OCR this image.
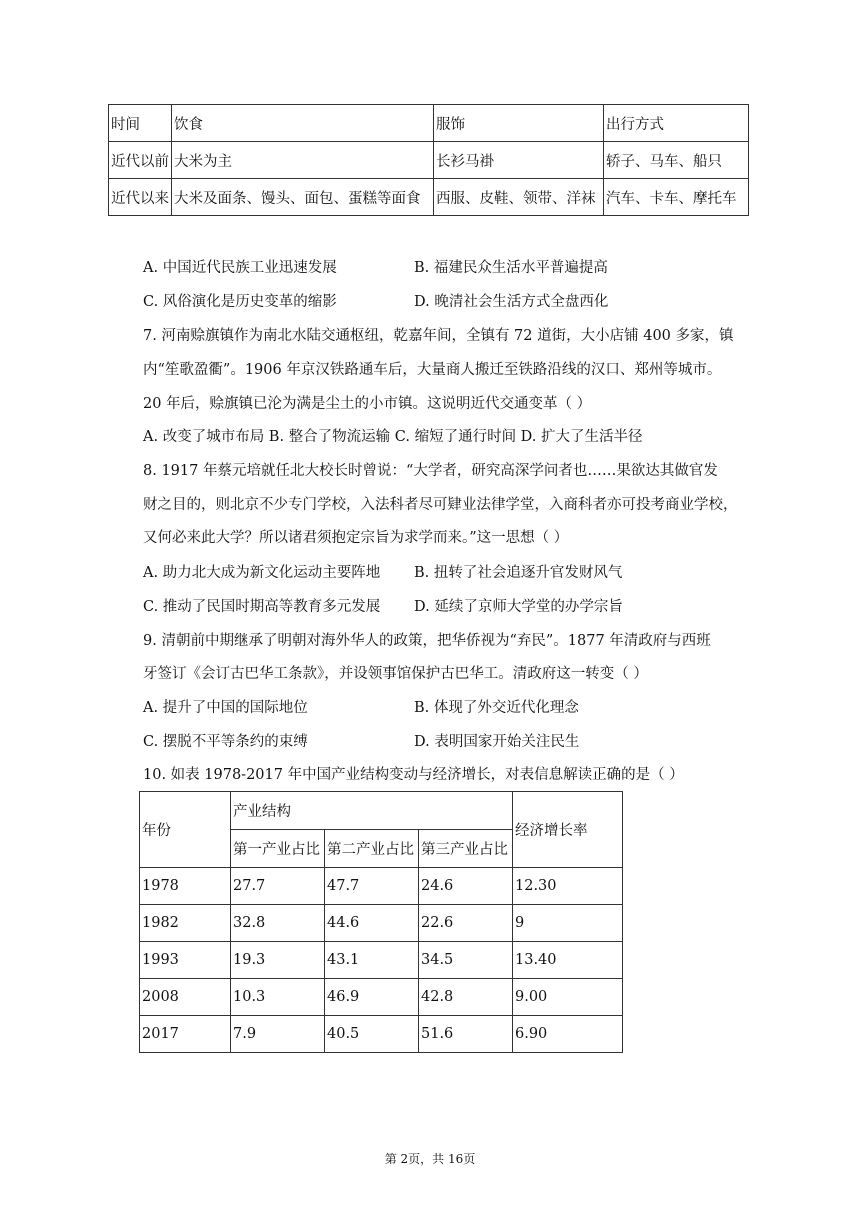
时间	饮食	服饰	出行方式
近代以前	大米为主	长衫马褂	轿子、马车、船只
近代以来	大米及面条、馒头、面包、蛋糕等面食	西服、皮鞋、领带、洋袜	汽车、卡车、摩托车
A. 中国近代民族工业迅速发展	B. 福建民众生活水平普遍提高
C. 风俗演化是历史变革的缩影	D. 晚清社会生活方式全盘西化
7. 河南赊旗镇作为南北水陆交通枢纽，乾嘉年间，全镇有 72 道街，大小店铺 400 多家，镇
内“笙歌盈衢”。1906 年京汉铁路通车后，大量商人搬迁至铁路沿线的汉口、郑州等城市。
20 年后，赊旗镇已沦为满是尘土的小市镇。这说明近代交通变革（ ）
A. 改变了城市布局 B. 整合了物流运输 C. 缩短了通行时间 D. 扩大了生活半径
8. 1917 年蔡元培就任北大校长时曾说：“大学者，研究高深学问者也……果欲达其做官发
财之目的，则北京不少专门学校，入法科者尽可肄业法律学堂，入商科者亦可投考商业学校，
又何必来此大学？所以诸君须抱定宗旨为求学而来。”这一思想（ ）
A. 助力北大成为新文化运动主要阵地 B. 扭转了社会追逐升官发财风气
C. 推动了民国时期高等教育多元发展 D. 延续了京师大学堂的办学宗旨
9. 清朝前中期继承了明朝对海外华人的政策，把华侨视为“弃民”。1877 年清政府与西班
牙签订《会订古巴华工条款》，并设领事馆保护古巴华工。清政府这一转变（ ）
A. 提升了中国的国际地位	B. 体现了外交近代化理念
C. 摆脱不平等条约的束缚	D. 表明国家开始关注民生
10. 如表 1978-2017 年中国产业结构变动与经济增长，对表信息解读正确的是（ ）
年份	产业结构			经济增长率
	第一产业占比	第二产业占比	第三产业占比	
1978	27.7	47.7	24.6	12.30
1982	32.8	44.6	22.6	9
1993	19.3	43.1	34.5	13.40
2008	10.3	46.9	42.8	9.00
2017	7.9	40.5	51.6	6.90
第 2页，共 16页
